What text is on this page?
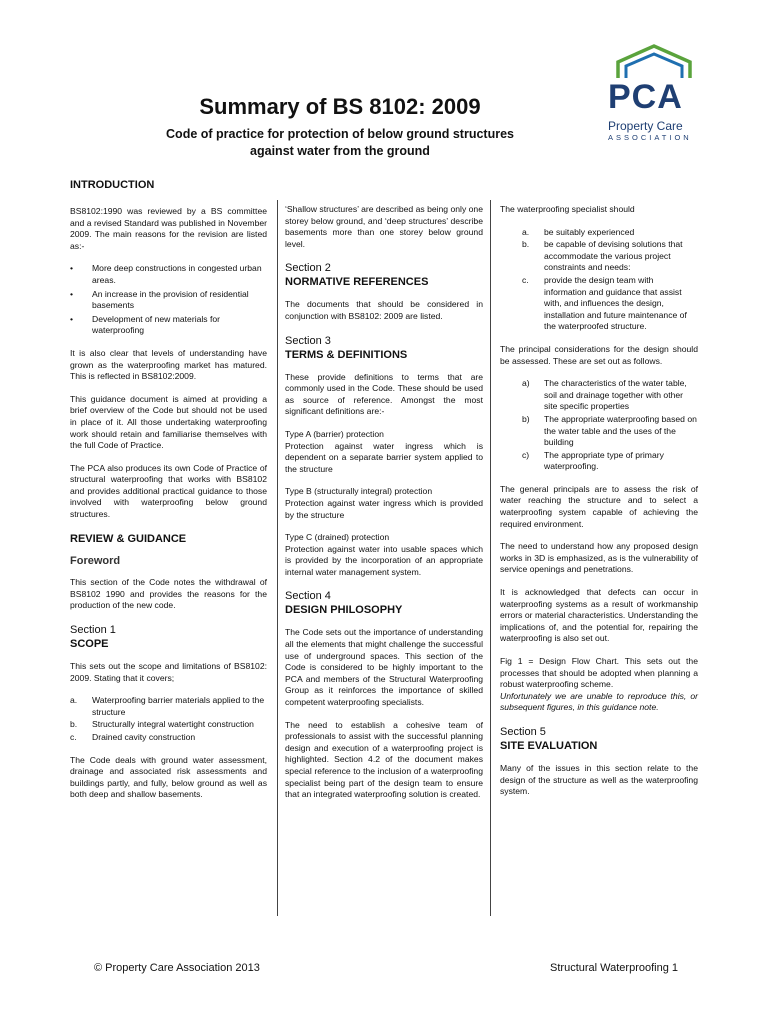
Summary of BS 8102: 2009
Code of practice for protection of below ground structures
against water from the ground
PCA
Property Care
ASSOCIATION
INTRODUCTION

BS8102:1990 was reviewed by a BS committee and a revised Standard was published in November 2009. The main reasons for the revision are listed as:-

•	More deep constructions in congested urban areas.
•	An increase in the provision of residential basements
•	Development of new materials for waterproofing

It is also clear that levels of understanding have grown as the waterproofing market has matured. This is reflected in BS8102:2009.

This guidance document is aimed at providing a brief overview of the Code but should not be used in place of it. All those undertaking waterproofing work should retain and familiarise themselves with the full Code of Practice.

The PCA also produces its own Code of Practice of structural waterproofing that works with BS8102 and provides additional practical guidance to those involved with waterproofing below ground structures.

REVIEW & GUIDANCE
Foreword

This section of the Code notes the withdrawal of BS8102 1990 and provides the reasons for the production of the new code.

Section 1
SCOPE

This sets out the scope and limitations of BS8102: 2009. Stating that it covers;

a.	Waterproofing barrier materials applied to the structure
b.	Structurally integral watertight construction
c.	Drained cavity construction

The Code deals with ground water assessment, drainage and associated risk assessments and buildings partly, and fully, below ground as well as both deep and shallow basements.

‘Shallow structures’ are described as being only one storey below ground, and ‘deep structures’ describe basements more than one storey below ground level.

Section 2
NORMATIVE REFERENCES

The documents that should be considered in conjunction with BS8102: 2009 are listed.

Section 3
TERMS & DEFINITIONS

These provide definitions to terms that are commonly used in the Code. These should be used as source of reference. Amongst the most significant definitions are:-

Type A (barrier) protection

Protection against water ingress which is dependent on a separate barrier system applied to the structure

Type B (structurally integral) protection

Protection against water ingress which is provided by the structure

Type C (drained) protection

Protection against water into usable spaces which is provided by the incorporation of an appropriate internal water management system.

Section 4
DESIGN PHILOSOPHY

The Code sets out the importance of understanding all the elements that might challenge the successful use of underground spaces. This section of the Code is considered to be highly important to the PCA and members of the Structural Waterproofing Group as it reinforces the importance of skilled competent waterproofing specialists.

The need to establish a cohesive team of professionals to assist with the successful planning design and execution of a waterproofing project is highlighted. Section 4.2 of the document makes special reference to the inclusion of a waterproofing specialist being part of the design team to ensure that an integrated waterproofing solution is created.

The waterproofing specialist should

a.	be suitably experienced
b.	be capable of devising solutions that accommodate the various project constraints and needs:
c.	provide the design team with information and guidance that assist with, and influences the design, installation and future maintenance of the waterproofed structure.

The principal considerations for the design should be assessed. These are set out as follows.

a)	The characteristics of the water table, soil and drainage together with other site specific properties
b)	The appropriate waterproofing based on the water table and the uses of the building
c)	The appropriate type of primary waterproofing.

The general principals are to assess the risk of water reaching the structure and to select a waterproofing system capable of achieving the required environment.

The need to understand how any proposed design works in 3D is emphasized, as is the vulnerability of service openings and penetrations.

It is acknowledged that defects can occur in waterproofing systems as a result of workmanship errors or material characteristics. Understanding the implications of, and the potential for, repairing the waterproofing is also set out.

Fig 1 = Design Flow Chart. This sets out the processes that should be adopted when planning a robust waterproofing scheme.

Unfortunately we are unable to reproduce this, or subsequent figures, in this guidance note.

Section 5
SITE EVALUATION

Many of the issues in this section relate to the design of the structure as well as the waterproofing system.

© Property Care Association 2013	Structural Waterproofing 1
